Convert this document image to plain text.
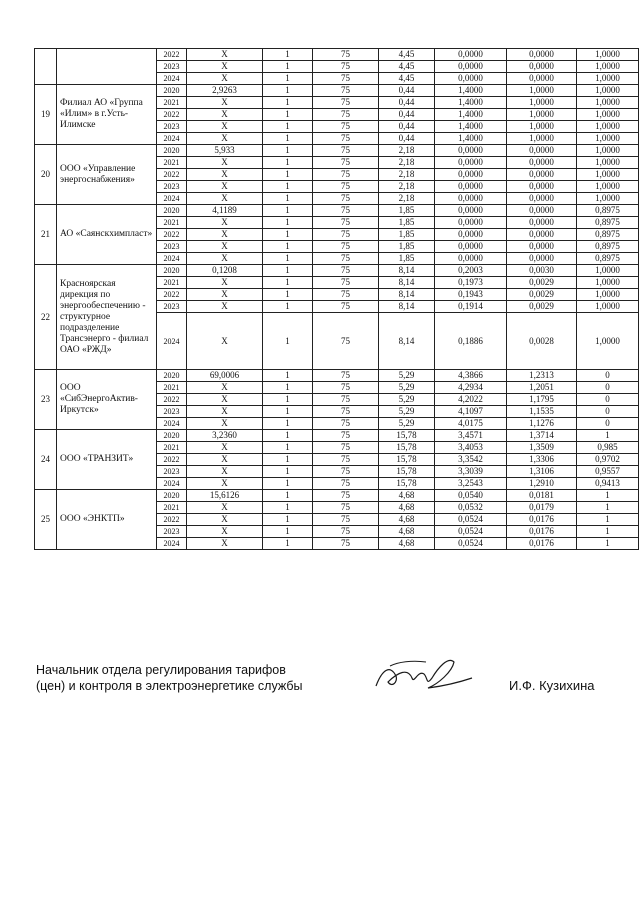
		2022	X	1	75	4,45	0,0000	0,0000	1,0000
		2023	X	1	75	4,45	0,0000	0,0000	1,0000
		2024	X	1	75	4,45	0,0000	0,0000	1,0000
19	Филиал АО «Группа «Илим» в г.Усть-Илимске	2020	2,9263	1	75	0,44	1,4000	1,0000	1,0000
		2021	X	1	75	0,44	1,4000	1,0000	1,0000
		2022	X	1	75	0,44	1,4000	1,0000	1,0000
		2023	X	1	75	0,44	1,4000	1,0000	1,0000
		2024	X	1	75	0,44	1,4000	1,0000	1,0000
20	ООО «Управление энергоснабжения»	2020	5,933	1	75	2,18	0,0000	0,0000	1,0000
		2021	X	1	75	2,18	0,0000	0,0000	1,0000
		2022	X	1	75	2,18	0,0000	0,0000	1,0000
		2023	X	1	75	2,18	0,0000	0,0000	1,0000
		2024	X	1	75	2,18	0,0000	0,0000	1,0000
21	АО «Саянскхимпласт»	2020	4,1189	1	75	1,85	0,0000	0,0000	0,8975
		2021	X	1	75	1,85	0,0000	0,0000	0,8975
		2022	X	1	75	1,85	0,0000	0,0000	0,8975
		2023	X	1	75	1,85	0,0000	0,0000	0,8975
		2024	X	1	75	1,85	0,0000	0,0000	0,8975
22	Красноярская дирекция по энергообеспечению - структурное подразделение Трансэнерго - филиал ОАО «РЖД»	2020	0,1208	1	75	8,14	0,2003	0,0030	1,0000
		2021	X	1	75	8,14	0,1973	0,0029	1,0000
		2022	X	1	75	8,14	0,1943	0,0029	1,0000
		2023	X	1	75	8,14	0,1914	0,0029	1,0000
		2024	X	1	75	8,14	0,1886	0,0028	1,0000
23	ООО «СибЭнергоАктив-Иркутск»	2020	69,0006	1	75	5,29	4,3866	1,2313	0
		2021	X	1	75	5,29	4,2934	1,2051	0
		2022	X	1	75	5,29	4,2022	1,1795	0
		2023	X	1	75	5,29	4,1097	1,1535	0
		2024	X	1	75	5,29	4,0175	1,1276	0
24	ООО «ТРАНЗИТ»	2020	3,2360	1	75	15,78	3,4571	1,3714	1
		2021	X	1	75	15,78	3,4053	1,3509	0,985
		2022	X	1	75	15,78	3,3542	1,3306	0,9702
		2023	X	1	75	15,78	3,3039	1,3106	0,9557
		2024	X	1	75	15,78	3,2543	1,2910	0,9413
25	ООО «ЭНКТП»	2020	15,6126	1	75	4,68	0,0540	0,0181	1
		2021	X	1	75	4,68	0,0532	0,0179	1
		2022	X	1	75	4,68	0,0524	0,0176	1
		2023	X	1	75	4,68	0,0524	0,0176	1
		2024	X	1	75	4,68	0,0524	0,0176	1
Начальник отдела регулирования тарифов
(цен) и контроля в электроэнергетике службы	И.Ф. Кузихина
